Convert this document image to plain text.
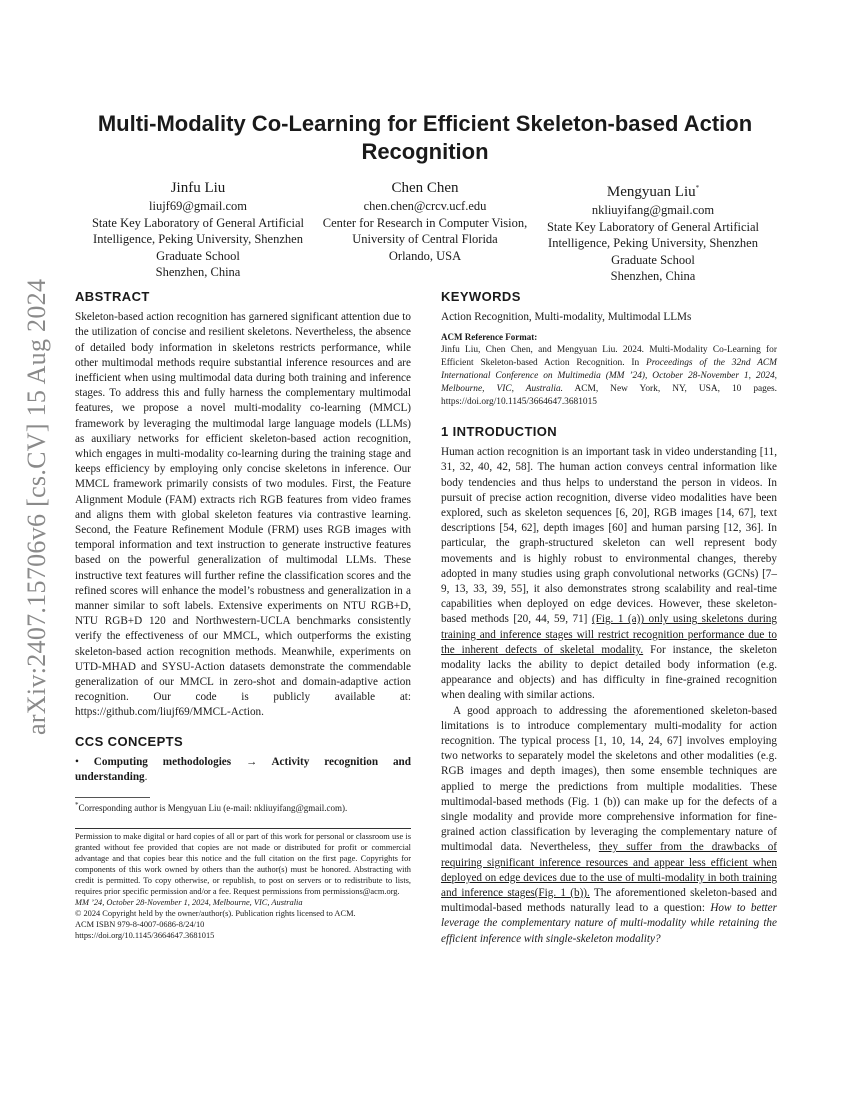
arXiv:2407.15706v6 [cs.CV] 15 Aug 2024
Multi-Modality Co-Learning for Efficient Skeleton-based Action Recognition
Jinfu Liu
liujf69@gmail.com
State Key Laboratory of General Artificial Intelligence, Peking University, Shenzhen Graduate School
Shenzhen, China
Chen Chen
chen.chen@crcv.ucf.edu
Center for Research in Computer Vision, University of Central Florida
Orlando, USA
Mengyuan Liu*
nkliuyifang@gmail.com
State Key Laboratory of General Artificial Intelligence, Peking University, Shenzhen Graduate School
Shenzhen, China
ABSTRACT

Skeleton-based action recognition has garnered significant attention due to the utilization of concise and resilient skeletons. Nevertheless, the absence of detailed body information in skeletons restricts performance, while other multimodal methods require substantial inference resources and are inefficient when using multimodal data during both training and inference stages. To address this and fully harness the complementary multimodal features, we propose a novel multi-modality co-learning (MMCL) framework by leveraging the multimodal large language models (LLMs) as auxiliary networks for efficient skeleton-based action recognition, which engages in multi-modality co-learning during the training stage and keeps efficiency by employing only concise skeletons in inference. Our MMCL framework primarily consists of two modules. First, the Feature Alignment Module (FAM) extracts rich RGB features from video frames and aligns them with global skeleton features via contrastive learning. Second, the Feature Refinement Module (FRM) uses RGB images with temporal information and text instruction to generate instructive features based on the powerful generalization of multimodal LLMs. These instructive text features will further refine the classification scores and the refined scores will enhance the model’s robustness and generalization in a manner similar to soft labels. Extensive experiments on NTU RGB+D, NTU RGB+D 120 and Northwestern-UCLA benchmarks consistently verify the effectiveness of our MMCL, which outperforms the existing skeleton-based action recognition methods. Meanwhile, experiments on UTD-MHAD and SYSU-Action datasets demonstrate the commendable generalization of our MMCL in zero-shot and domain-adaptive action recognition. Our code is publicly available at: https://github.com/liujf69/MMCL-Action.

CCS CONCEPTS

• Computing methodologies → Activity recognition and understanding.

*Corresponding author is Mengyuan Liu (e-mail: nkliuyifang@gmail.com).
Permission to make digital or hard copies of all or part of this work for personal or classroom use is granted without fee provided that copies are not made or distributed for profit or commercial advantage and that copies bear this notice and the full citation on the first page. Copyrights for components of this work owned by others than the author(s) must be honored. Abstracting with credit is permitted. To copy otherwise, or republish, to post on servers or to redistribute to lists, requires prior specific permission and/or a fee. Request permissions from permissions@acm.org.
MM ’24, October 28-November 1, 2024, Melbourne, VIC, Australia
© 2024 Copyright held by the owner/author(s). Publication rights licensed to ACM.
ACM ISBN 979-8-4007-0686-8/24/10
https://doi.org/10.1145/3664647.3681015
KEYWORDS

Action Recognition, Multi-modality, Multimodal LLMs

ACM Reference Format:
Jinfu Liu, Chen Chen, and Mengyuan Liu. 2024. Multi-Modality Co-Learning for Efficient Skeleton-based Action Recognition. In Proceedings of the 32nd ACM International Conference on Multimedia (MM ’24), October 28-November 1, 2024, Melbourne, VIC, Australia. ACM, New York, NY, USA, 10 pages. https://doi.org/10.1145/3664647.3681015
1 INTRODUCTION

Human action recognition is an important task in video understanding [11, 31, 32, 40, 42, 58]. The human action conveys central information like body tendencies and thus helps to understand the person in videos. In pursuit of precise action recognition, diverse video modalities have been explored, such as skeleton sequences [6, 20], RGB images [14, 67], text descriptions [54, 62], depth images [60] and human parsing [12, 36]. In particular, the graph-structured skeleton can well represent body movements and is highly robust to environmental changes, thereby adopted in many studies using graph convolutional networks (GCNs) [7–9, 13, 33, 39, 55], it also demonstrates strong scalability and real-time capabilities when deployed on edge devices. However, these skeleton-based methods [20, 44, 59, 71] (Fig. 1 (a)) only using skeletons during training and inference stages will restrict recognition performance due to the inherent defects of skeletal modality. For instance, the skeleton modality lacks the ability to depict detailed body information (e.g. appearance and objects) and has difficulty in fine-grained recognition when dealing with similar actions.

A good approach to addressing the aforementioned skeleton-based limitations is to introduce complementary multi-modality for action recognition. The typical process [1, 10, 14, 24, 67] involves employing two networks to separately model the skeletons and other modalities (e.g. RGB images and depth images), then some ensemble techniques are applied to merge the predictions from multiple modalities. These multimodal-based methods (Fig. 1 (b)) can make up for the defects of a single modality and provide more comprehensive information for fine-grained action classification by leveraging the complementary nature of multimodal data. Nevertheless, they suffer from the drawbacks of requiring significant inference resources and appear less efficient when deployed on edge devices due to the use of multi-modality in both training and inference stages(Fig. 1 (b)). The aforementioned skeleton-based and multimodal-based methods naturally lead to a question: How to better leverage the complementary nature of multi-modality while retaining the efficient inference with single-skeleton modality?
